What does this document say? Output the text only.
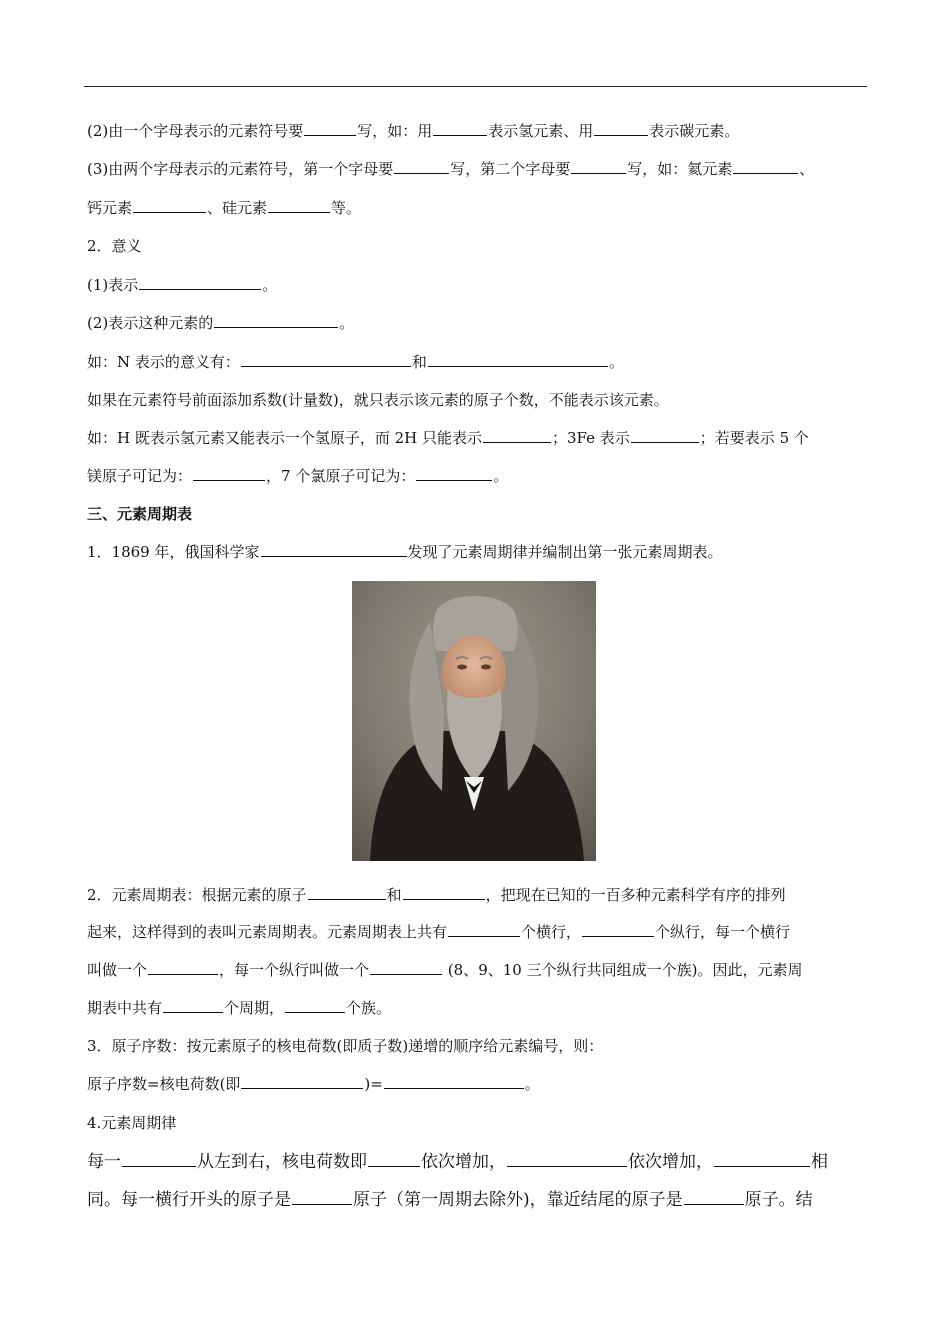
(2)由一个字母表示的元素符号要	写，如：用	表示氢元素、用	表示碳元素。
(3)由两个字母表示的元素符号，第一个字母要	写，第二个字母要	写，如：氦元素	、
钙元素	、硅元素	等。
2．意义
(1)表示	。
(2)表示这种元素的	。
如：N 表示的意义有：	和	。
如果在元素符号前面添加系数(计量数)，就只表示该元素的原子个数，不能表示该元素。
如：H 既表示氢元素又能表示一个氢原子，而 2H 只能表示	；3Fe 表示	；若要表示 5 个
镁原子可记为：	，7 个氯原子可记为：	。
三、元素周期表
1．1869 年，俄国科学家	发现了元素周期律并编制出第一张元素周期表。
2．元素周期表：根据元素的原子	和	，把现在已知的一百多种元素科学有序的排列
起来，这样得到的表叫元素周期表。元素周期表上共有	个横行，	个纵行，每一个横行
叫做一个	，每一个纵行叫做一个	(8、9、10 三个纵行共同组成一个族)。因此，元素周
期表中共有	个周期，	个族。
3．原子序数：按元素原子的核电荷数(即质子数)递增的顺序给元素编号，则：
原子序数=核电荷数(即	)=	。
4.元素周期律
每一	从左到右，核电荷数即	依次增加，	依次增加，	相
同。每一横行开头的原子是	原子（第一周期去除外)，靠近结尾的原子是	原子。结
